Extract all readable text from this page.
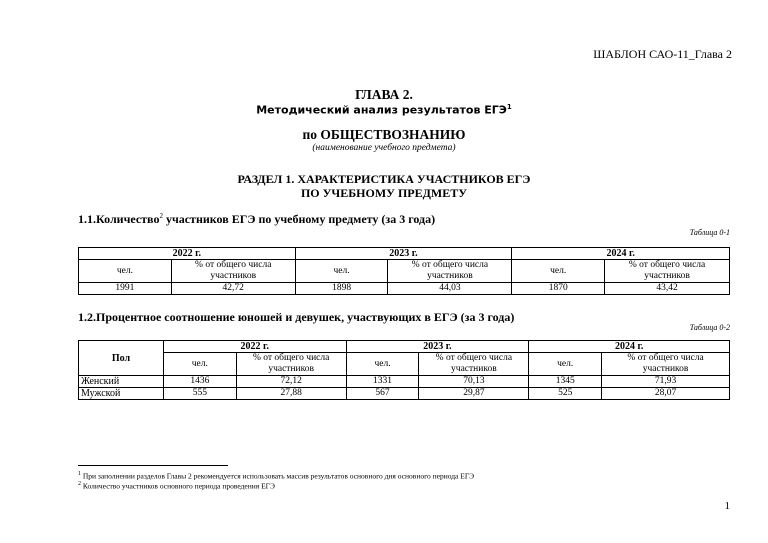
ШАБЛОН САО-11_Глава 2
ГЛАВА 2.
Методический анализ результатов ЕГЭ$^1$
по ОБЩЕСТВОЗНАНИЮ
(наименование учебного предмета)
РАЗДЕЛ 1. ХАРАКТЕРИСТИКА УЧАСТНИКОВ ЕГЭ
ПО УЧЕБНОМУ ПРЕДМЕТУ
1.1.Количество$^2$ участников ЕГЭ по учебному предмету (за 3 года)
Таблица 0-1
2022 г.		2023 г.		2024 г.	
чел.	% от общего числа участников	чел.	% от общего числа участников	чел.	% от общего числа участников
1991	42,72	1898	44,03	1870	43,42
1.2.Процентное соотношение юношей и девушек, участвующих в ЕГЭ (за 3 года)
Таблица 0-2
Пол	2022 г.		2023 г.		2024 г.	
	чел.	% от общего числа участников	чел.	% от общего числа участников	чел.	% от общего числа участников
Женский	1436	72,12	1331	70,13	1345	71,93
Мужской	555	27,88	567	29,87	525	28,07
$^1$ При заполнении разделов Главы 2 рекомендуется использовать массив результатов основного дня основного периода ЕГЭ
$^2$ Количество участников основного периода проведения ЕГЭ
1
